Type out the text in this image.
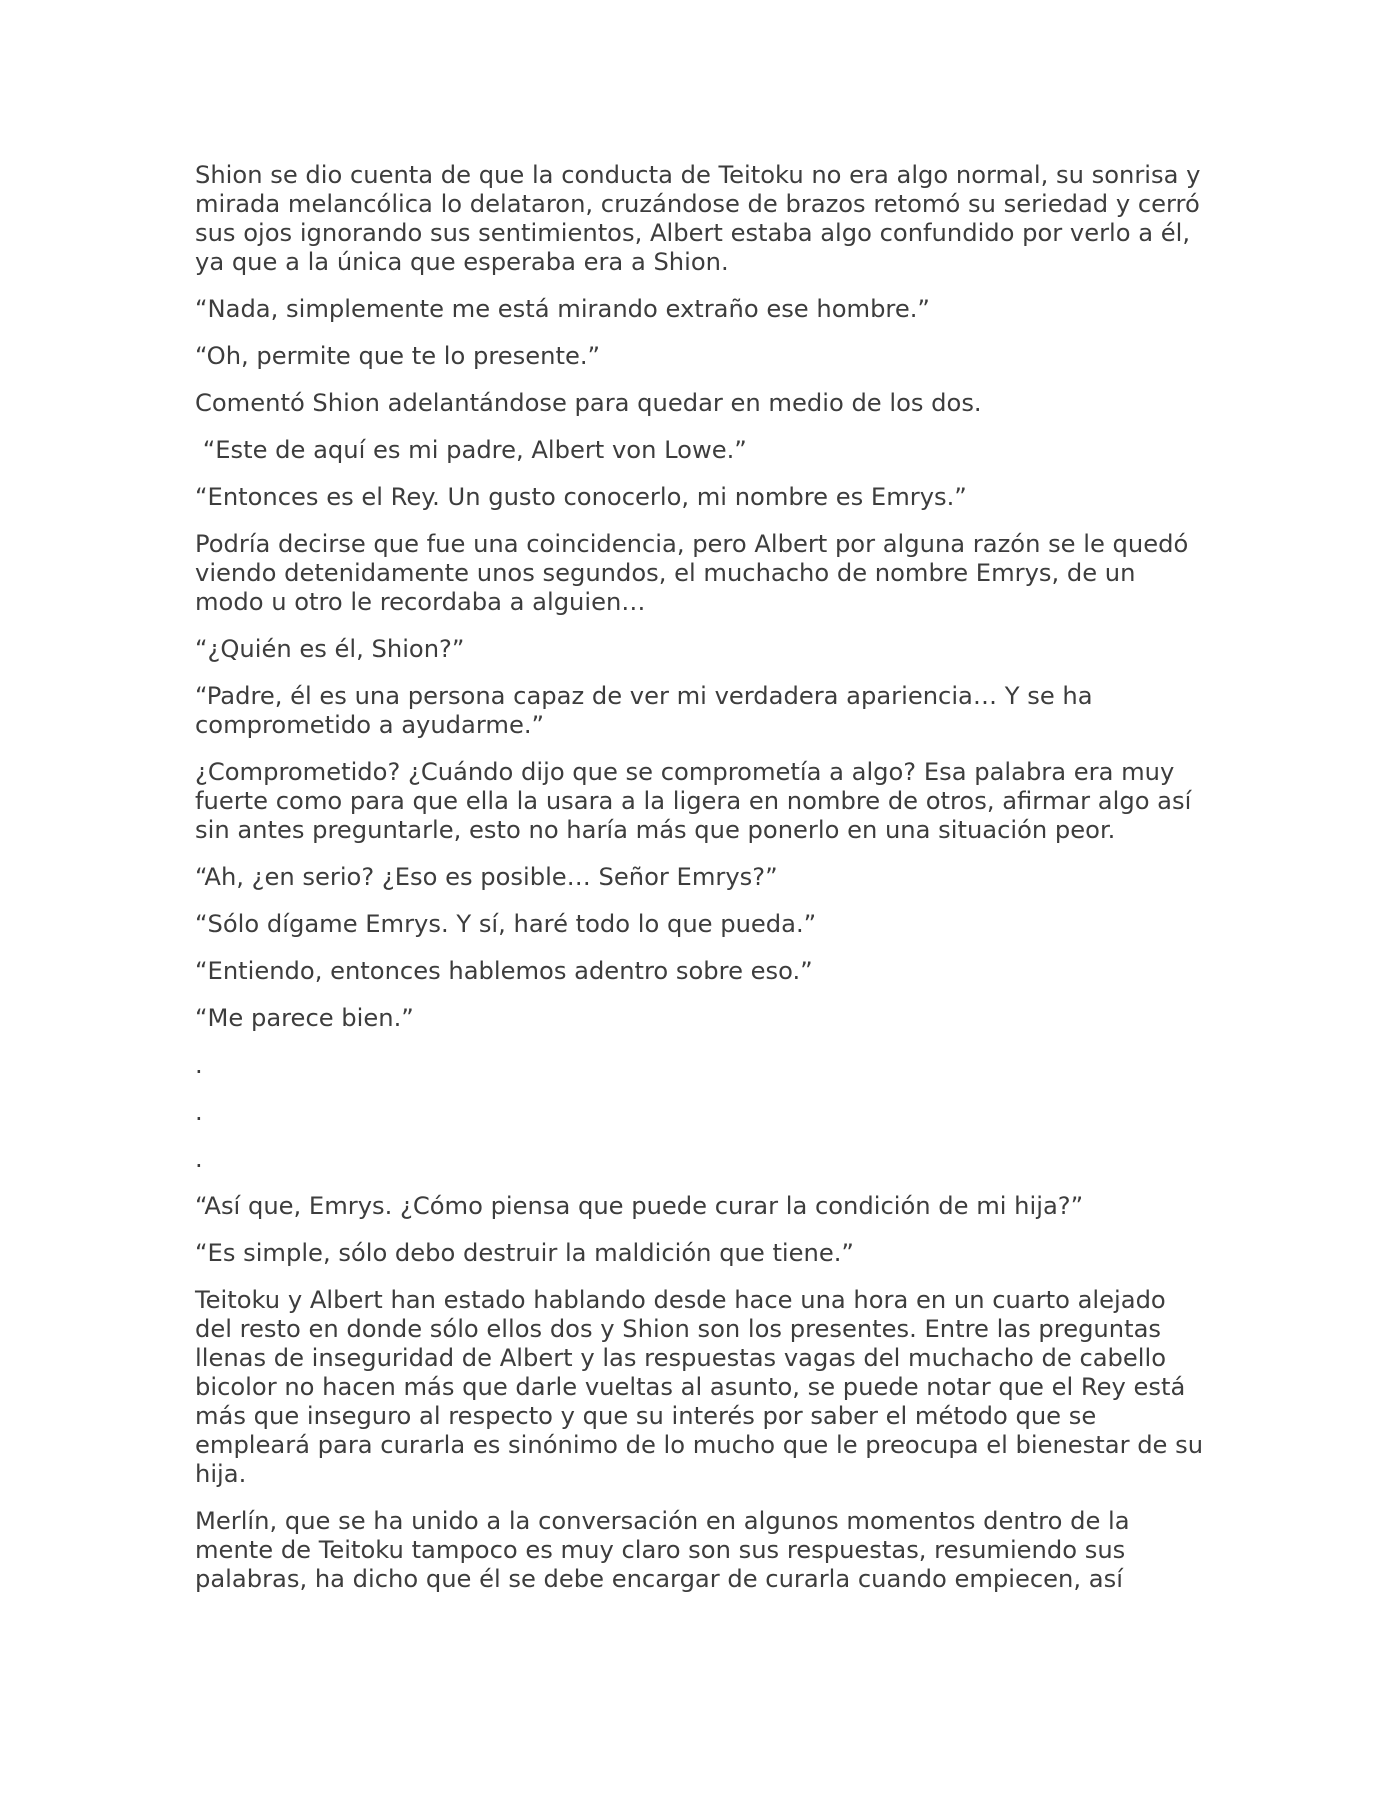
Shion se dio cuenta de que la conducta de Teitoku no era algo normal, su sonrisa y mirada melancólica lo delataron, cruzándose de brazos retomó su seriedad y cerró sus ojos ignorando sus sentimientos, Albert estaba algo confundido por verlo a él, ya que a la única que esperaba era a Shion.

“Nada, simplemente me está mirando extraño ese hombre.”

“Oh, permite que te lo presente.”

Comentó Shion adelantándose para quedar en medio de los dos.

“Este de aquí es mi padre, Albert von Lowe.”

“Entonces es el Rey. Un gusto conocerlo, mi nombre es Emrys.”

Podría decirse que fue una coincidencia, pero Albert por alguna razón se le quedó viendo detenidamente unos segundos, el muchacho de nombre Emrys, de un modo u otro le recordaba a alguien…

“¿Quién es él, Shion?”

“Padre, él es una persona capaz de ver mi verdadera apariencia… Y se ha comprometido a ayudarme.”

¿Comprometido? ¿Cuándo dijo que se comprometía a algo? Esa palabra era muy fuerte como para que ella la usara a la ligera en nombre de otros, afirmar algo así sin antes preguntarle, esto no haría más que ponerlo en una situación peor.

“Ah, ¿en serio? ¿Eso es posible… Señor Emrys?”

“Sólo dígame Emrys. Y sí, haré todo lo que pueda.”

“Entiendo, entonces hablemos adentro sobre eso.”

“Me parece bien.”

.

.

.

“Así que, Emrys. ¿Cómo piensa que puede curar la condición de mi hija?”

“Es simple, sólo debo destruir la maldición que tiene.”

Teitoku y Albert han estado hablando desde hace una hora en un cuarto alejado del resto en donde sólo ellos dos y Shion son los presentes. Entre las preguntas llenas de inseguridad de Albert y las respuestas vagas del muchacho de cabello bicolor no hacen más que darle vueltas al asunto, se puede notar que el Rey está más que inseguro al respecto y que su interés por saber el método que se empleará para curarla es sinónimo de lo mucho que le preocupa el bienestar de su hija.

Merlín, que se ha unido a la conversación en algunos momentos dentro de la mente de Teitoku tampoco es muy claro son sus respuestas, resumiendo sus palabras, ha dicho que él se debe encargar de curarla cuando empiecen, así
